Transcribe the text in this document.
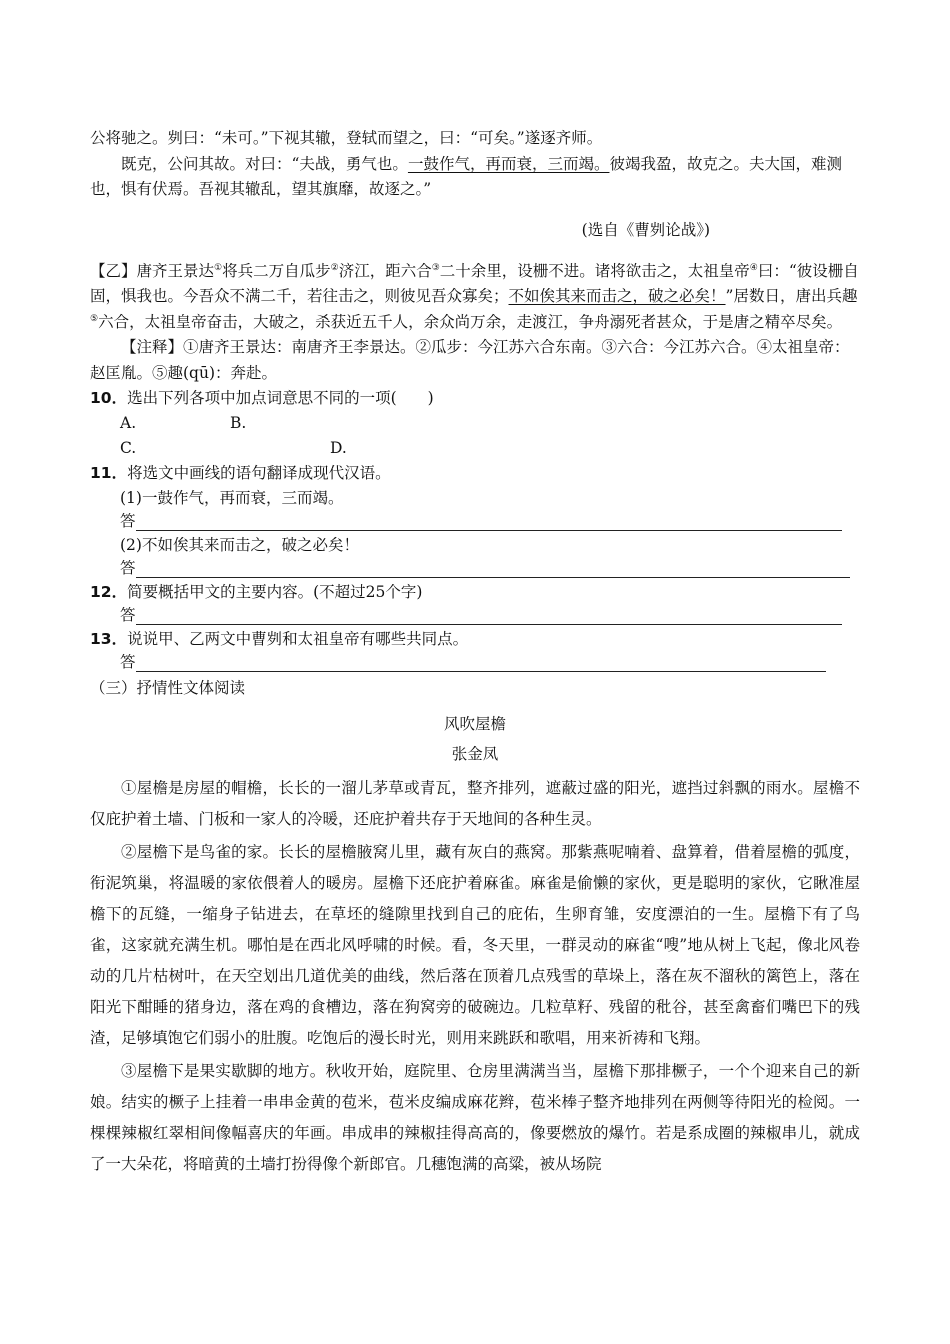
公将驰之。刿曰：“未可。”下视其辙，登轼而望之，曰：“可矣。”遂逐齐师。

既克，公问其故。对曰：“夫战，勇气也。一鼓作气，再而衰，三而竭。彼竭我盈，故克之。夫大国，难测也，惧有伏焉。吾视其辙乱，望其旗靡，故逐之。”

(选自《曹刿论战》)

【乙】唐齐王景达①将兵二万自瓜步②济江，距六合③二十余里，设栅不进。诸将欲击之，太祖皇帝④曰：“彼设栅自固，惧我也。今吾众不满二千，若往击之，则彼见吾众寡矣；不如俟其来而击之，破之必矣！”居数日，唐出兵趣⑤六合，太祖皇帝奋击，大破之，杀获近五千人，余众尚万余，走渡江，争舟溺死者甚众，于是唐之精卒尽矣。

【注释】①唐齐王景达：南唐齐王李景达。②瓜步：今江苏六合东南。③六合：今江苏六合。④太祖皇帝：赵匡胤。⑤趣(qū)：奔赴。

10．选出下列各项中加点词意思不同的一项(　　)
A.	B.
C.	D.
11．将选文中画线的语句翻译成现代汉语。
(1)一鼓作气，再而衰，三而竭。
答
(2)不如俟其来而击之，破之必矣！
答
12．简要概括甲文的主要内容。(不超过25个字)
答
13．说说甲、乙两文中曹刿和太祖皇帝有哪些共同点。
答
（三）抒情性文体阅读
风吹屋檐
张金凤

①屋檐是房屋的帽檐，长长的一溜儿茅草或青瓦，整齐排列，遮蔽过盛的阳光，遮挡过斜飘的雨水。屋檐不仅庇护着土墙、门板和一家人的冷暖，还庇护着共存于天地间的各种生灵。

②屋檐下是鸟雀的家。长长的屋檐腋窝儿里，藏有灰白的燕窝。那紫燕呢喃着、盘算着，借着屋檐的弧度，衔泥筑巢，将温暖的家依偎着人的暖房。屋檐下还庇护着麻雀。麻雀是偷懒的家伙，更是聪明的家伙，它瞅准屋檐下的瓦缝，一缩身子钻进去，在草坯的缝隙里找到自己的庇佑，生卵育雏，安度漂泊的一生。屋檐下有了鸟雀，这家就充满生机。哪怕是在西北风呼啸的时候。看，冬天里，一群灵动的麻雀“嗖”地从树上飞起，像北风卷动的几片枯树叶，在天空划出几道优美的曲线，然后落在顶着几点残雪的草垛上，落在灰不溜秋的篱笆上，落在阳光下酣睡的猪身边，落在鸡的食槽边，落在狗窝旁的破碗边。几粒草籽、残留的秕谷，甚至禽畜们嘴巴下的残渣，足够填饱它们弱小的肚腹。吃饱后的漫长时光，则用来跳跃和歌唱，用来祈祷和飞翔。

③屋檐下是果实歇脚的地方。秋收开始，庭院里、仓房里满满当当，屋檐下那排橛子，一个个迎来自己的新娘。结实的橛子上挂着一串串金黄的苞米，苞米皮编成麻花辫，苞米棒子整齐地排列在两侧等待阳光的检阅。一棵棵辣椒红翠相间像幅喜庆的年画。串成串的辣椒挂得高高的，像要燃放的爆竹。若是系成圈的辣椒串儿，就成了一大朵花，将暗黄的土墙打扮得像个新郎官。几穗饱满的高粱，被从场院
